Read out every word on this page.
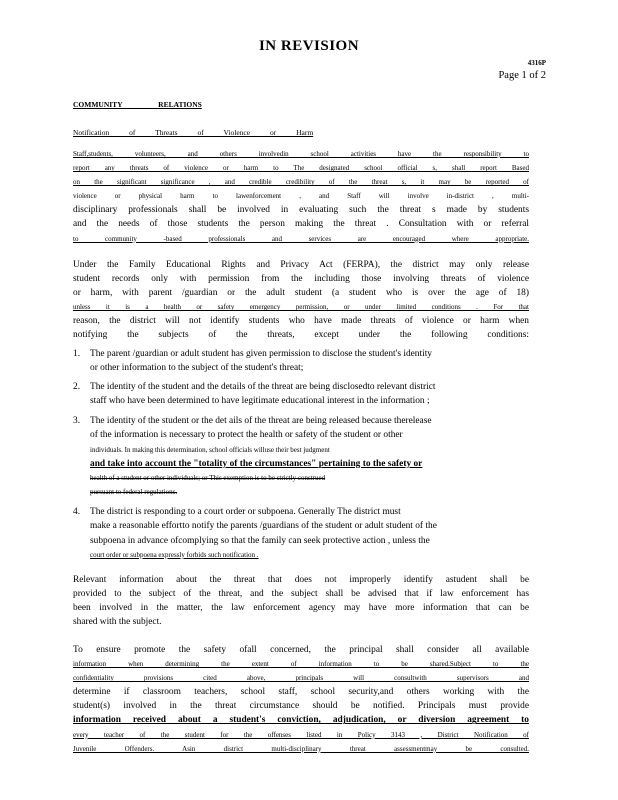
IN REVISION
4316P
Page 1 of 2
COMMUNITY RELATIONS
Notification of Threats of Violence or Harm
Staff,students, volunteers, and others involvedin school activities have the responsibility to
report any threats of violence or harm to The designated school official s, shall report Based
on the significant significance , and credible credibility of the threat s, it may be reported of
violence or physical harm to lawenforcement , and Staff will involve in-district , multi-
disciplinary professionals shall be involved in evaluating such the threat s made by students
and the needs of those students the person making the threat . Consultation with or referral
to community -based professionals and services are encouraged where appropriate.
Under the Family Educational Rights and Privacy Act (FERPA), the district may only release
student records only with permission from the including those involving threats of violence
or harm, with parent /guardian or the adult student (a student who is over the age of 18)
unless it is a health or safety emergency permission, or under limited conditions . For that
reason, the district will not identify students who have made threats of violence or harm when
notifying the subjects of the threats, except under the following conditions:
1. The parent /guardian or adult student has given permission to disclose the student's identity
or other information to the subject of the student's threat;
2. The identity of the student and the details of the threat are being disclosedto relevant district
staff who have been determined to have legitimate educational interest in the information ;
3. The identity of the student or the det ails of the threat are being released because therelease
of the information is necessary to protect the health or safety of the student or other
individuals. In making this determination, school officials willuse their best judgment
and take into account the "totality of the circumstances" pertaining to the safety or
health of a student or other individuals; or This exemption is to be strictly construed
pursuant to federal regulations.
4. The district is responding to a court order or subpoena. Generally The district must
make a reasonable effortto notify the parents /guardians of the student or adult student of the
subpoena in advance ofcomplying so that the family can seek protective action , unless the
court order or subpoena expressly forbids such notification .
Relevant information about the threat that does not improperly identify astudent shall be
provided to the subject of the threat, and the subject shall be advised that if law enforcement has
been involved in the matter, the law enforcement agency may have more information that can be
shared with the subject.
To ensure promote the safety ofall concerned, the principal shall consider all available
information when determining the extent of information to be shared.Subject to the
confidentiality provisions cited above, principals will consultwith supervisors and
determine if classroom teachers, school staff, school security,and others working with the
student(s) involved in the threat circumstance should be notified. Principals must provide
information received about a student's conviction, adjudication, or diversion agreement to
every teacher of the student for the offenses listed in Policy 3143 , District Notification of
Juvenile Offenders. Asin district multi-disciplinary threat assessmentmay be consulted.
